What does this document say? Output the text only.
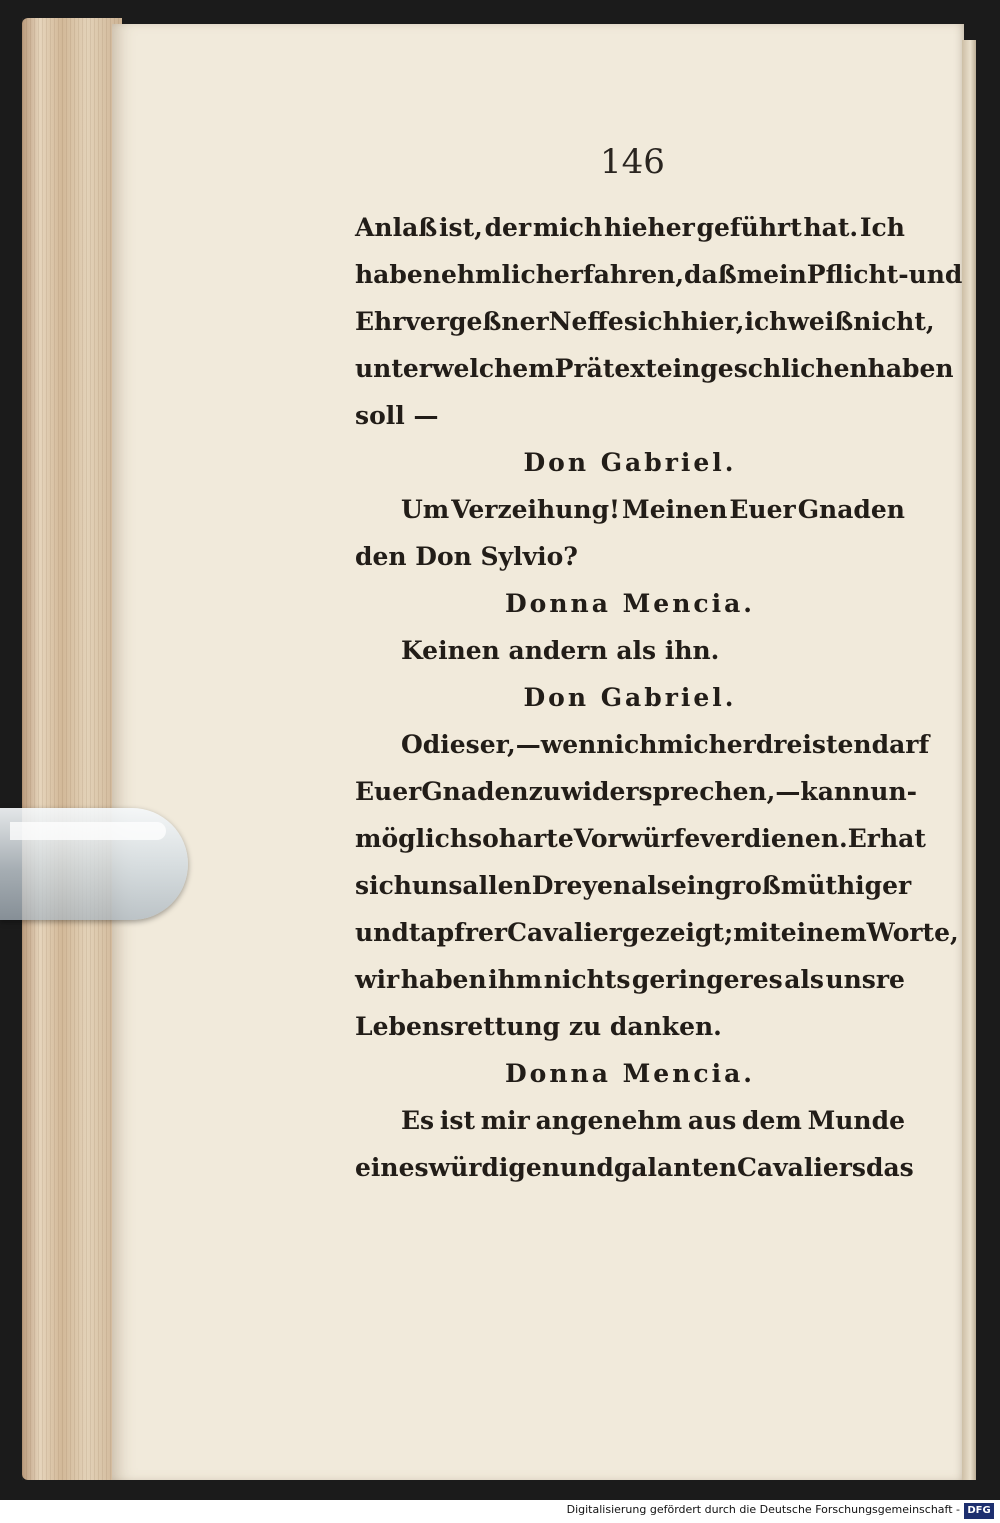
146
Anlaß ist, der mich hieher geführt hat. Ich
habe nehmlich erfahren, daß mein Pflicht- und
Ehrvergeßner Neffe sich hier, ich weiß nicht,
unter welchem Prätext eingeschlichen haben
soll —
Don Gabriel.
Um Verzeihung! Meinen Euer Gnaden
den Don Sylvio?
Donna Mencia.
Keinen andern als ihn.
Don Gabriel.
O dieser, — wenn ich mich erdreisten darf
Euer Gnaden zu widersprechen, — kann un-
möglich so harte Vorwürfe verdienen. Er hat
sich uns allen Dreyen als ein großmüthiger
und tapfrer Cavalier gezeigt; mit einem Worte,
wir haben ihm nichts geringeres als unsre
Lebensrettung zu danken.
Donna Mencia.
Es ist mir angenehm aus dem Munde
eines würdigen und galanten Cavaliers das
Digitalisierung gefördert durch die Deutsche Forschungsgemeinschaft - DFG
